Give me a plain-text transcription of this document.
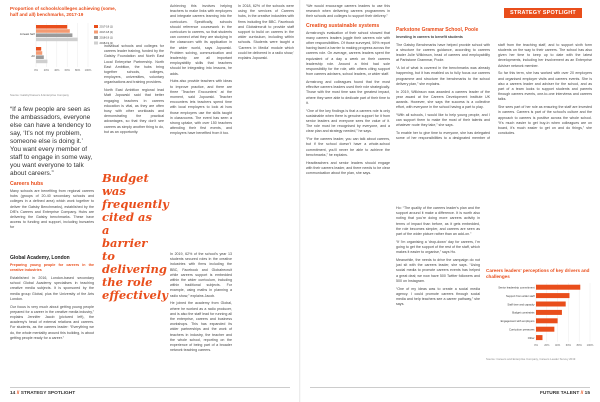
Proportion of schools/colleges achieving (some, half and all) benchmarks, 2017-19
0% 20% 40% 60% 80% 100%
At least half
All
2017-18 (1)
2017-18 (2)
2018-19 (1)
2018-19 (2)
Source: Gatsby/Careers & Enterprise Company

“If a few people are seen as the ambassadors, everyone else can have a tendency to say, ‘It’s not my problem, someone else is doing it.’ You want every member of staff to engage in some way, you want everyone to talk about careers.”

Careers hubs

Many schools are benefiting from regional careers hubs (groups of 20-40 secondary schools and colleges in a defined area) which work together to deliver the Gatsby Benchmarks), established by the DfE's Careers and Enterprise Company. Hubs are delivering the Gatsby benchmarks. These have access to funding and support, including bursaries for

individual schools and colleges for careers leader training, funded by the Gatsby Foundation and North East Local Enterprise Partnership. North East Ambition, the hubs bring together schools, colleges, employers, universities, voluntary organisations and training providers.

North East Ambition regional lead Matt Jopowski said that better engaging teachers in careers education is vital, as they are often busy with other workloads and demonstrating the practical advantages, so that they don't see careers as simply another thing to do, but as an opportunity.

Achieving this involves helping teachers to make links with employers and integrate careers learning into the curriculum. Specifically, schools should reference coursework in the curriculum to careers, so that students can connect what they are studying in the classroom with its application in the wider world, says Jopowski. Problem solving, communication and leadership are all important employability skills that teachers should be integrating into lessons, he adds.

Hubs also provide teachers with ideas to improve practice, and there are three 'Teacher Encounters' at the moment, said Jopowski. Teacher encounters lets teachers spend time with local employers to look at how those employers use the skills taught in classrooms. The event has seen a strong uptake, with over 150 teachers attending their first events, and employers have benefited from it too.

Budget was frequently cited as a barrier to delivering the role effectively
Global Academy, London

Preparing young people for careers in the creative industries

Established in 2016, London-based secondary school Global Academy specialises in teaching creative media subjects. It is sponsored by the media group Global, plus the University of the Arts London.

Our focus is very much about getting young people prepared for a career in the creative media industry,” explains Jennifer Jacob (pictured left), the academy's head of external relations and careers. For students, as the careers leader: “Everything we do, the whole mentality around this building, is about getting people ready for a career.”

In 2019, 62% of the school's year 13 students secured roles in the creative industries with firms including the BBC, Facebook and Globalrecruit while careers support is embedded within the wider curriculum, including within traditional subjects. For example, using maths in planning a radio show,” explains Jacob.

He joined the academy from Global, where he worked as a radio producer, and is also the staff lead for running all the enterprise, careers and business workshops. This has expanded its wider partnerships and the work of teachers in industry, the teacher and the whole school, reporting on the experience of being part of a broader network teaching careers.

In 2018, 62% of the schools were using the services of Careers hubs, in the creative industries with firms including the BBC. Facebook and Globalrecruit to provide staff support to build on careers in the wider curriculum, including within schools. Students were taught a 'Careers in Media' module which could be delivered in a radio show,' explains Jopowski.

14 // STRATEGY SPOTLIGHT
STRATEGY SPOTLIGHT

“We would encourage careers leaders to use this research when delivering careers programmes in their schools and colleges to support their delivery.”

Creating sustainable systems

Armstrong's evaluation of their school showed that many careers leaders juggle their careers role with other responsibilities. Of those surveyed, 59% report having faced a barrier to making progress across the careers role. On average, careers leaders spent the equivalent of a day a week on their careers leadership role. Around a third had sole responsibility for the role, with others citing support from careers advisers, school leaders, or wider staff.

Armstrong and colleagues found that the most effective careers leaders used their role strategically. Those with the most time saw the greatest impact, where they were able to dedicate part of their time to it.

“One of the key findings is that a careers role is only sustainable when there is genuine support for it from senior leaders and everyone sees the value of it. The role must be recognised by everyone, and a clear plan and strategy needed,” he says.

“For the careers leader, you can talk about careers, but if the school doesn't have a whole-school commitment, you'll never be able to achieve the benchmarks,” he explains.

Headteachers and senior leaders should engage with their careers leader, and there needs to be clear communication about the plan, she says.

Ho: “The quality of the careers leader's plan and the support around it make a difference. It is worth also noting that you're doing more careers activity in terms of impact than before, as it gets embedded, the role becomes simpler, and careers are seen as part of the wider picture rather than an add-on.”

“If I'm organising a 'drop-down' day for careers, I'm going to get the support of the rest of the staff, which makes it easier to organise,” says Ho.

Meanwhile, the needs to drive the campaign do not just sit with the careers leader, she says. “Using social media to promote careers events has helped a great deal; we now have 500 Twitter followers and 500 on Instagram.

“One of my ideas was to create a social media agency. I could promote careers through social media and help teachers see a career pathway,” she says.

Parkstone Grammar School, Poole

Investing in careers to benefit students

The Gatsby Benchmarks have helped provide school with a structure for careers guidance, according to careers leader Julie Wilkinson, head of careers and employability at Parkstone Grammar, Poole.

“A lot of what is covered in the benchmarks was already happening, but it has enabled us to fully focus our careers programme and structure the benchmarks to the school delivery plan,” she explains.

In 2019, Wilkinson was awarded a careers leader of the year award at the Careers Development Institute UK awards. However, she says the success is a collective effort, with everyone in the school having a part to play.

“With all schools, I would like to help young people, and I can support them to make the most of their talents and whatever route they take,” she says.

To enable her to give time to everyone, she has delegated some of her responsibilities to a designated member of staff from the teaching staff, and to support sixth form students on the way to their careers. The school has also given her time to keep up to date with the latest developments, including her involvement as an Enterprise Adviser network member.

So far this term, she has worked with over 20 employers and organised employer visits and careers events. She is also a careers leader and adviser for the school, and as part of a team looks to support students and parents through careers events, one-to-one interviews and careers talks.

She sees part of her role as ensuring the staff are invested in careers. Careers is part of the school's culture and the approach to careers is positive across the whole school. “It's much easier to get buy-in when colleagues are on board, it's much easier to get on and do things,” she concludes.

Careers leaders' perceptions of key drivers and challenges
0% 20% 40% 60% 80% 100%
Senior leadership commitment
Support from wider staff
Staff time and capacity
Budget constraints
Engagement with employers
Curriculum pressures
Other
Source: Careers and Enterprise Company, Careers Leader Survey 2019
FUTURE TALENT // 15
